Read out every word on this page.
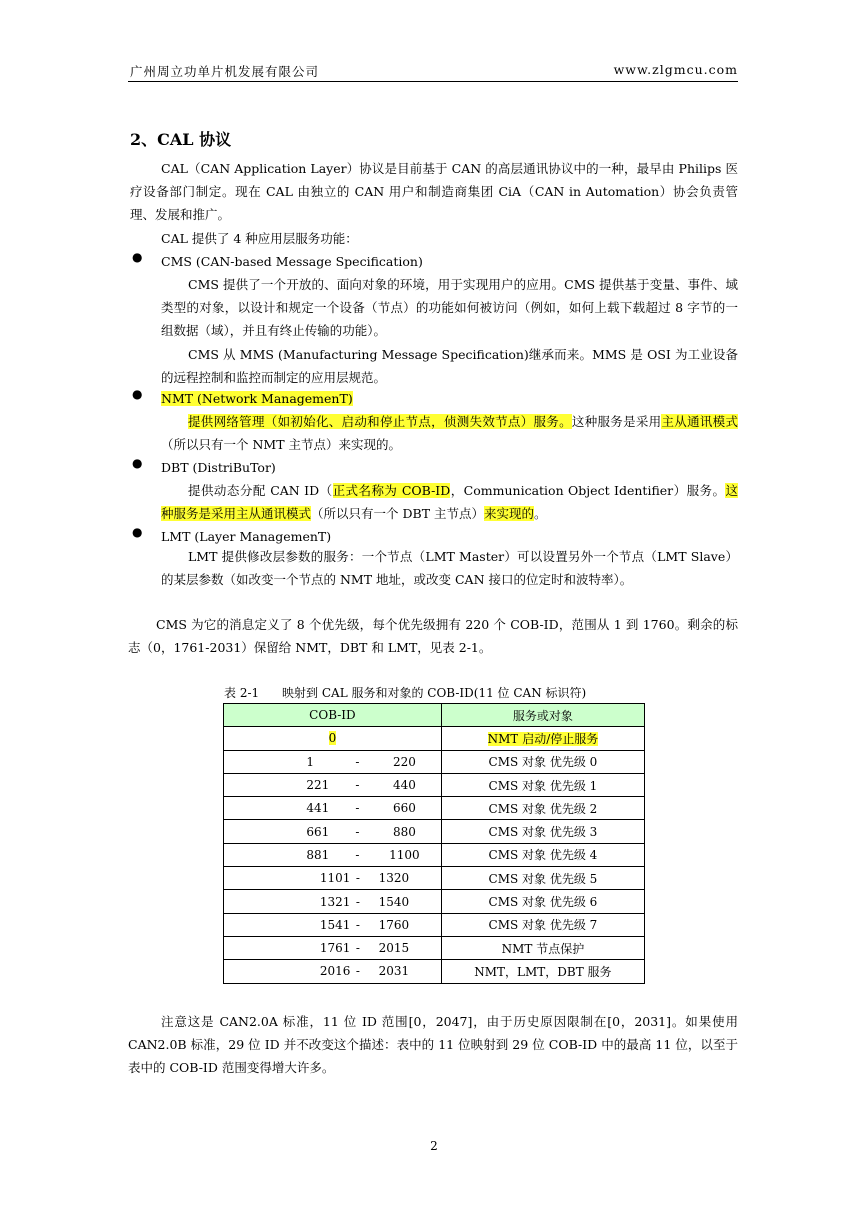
广州周立功单片机发展有限公司	www.zlgmcu.com
2、CAL 协议
CAL（CAN Application Layer）协议是目前基于 CAN 的高层通讯协议中的一种，最早由 Philips 医疗设备部门制定。现在 CAL 由独立的 CAN 用户和制造商集团 CiA（CAN in Automation）协会负责管理、发展和推广。
CAL 提供了 4 种应用层服务功能：
● CMS (CAN-based Message Specification)
CMS 提供了一个开放的、面向对象的环境，用于实现用户的应用。CMS 提供基于变量、事件、域类型的对象，以设计和规定一个设备（节点）的功能如何被访问（例如，如何上载下载超过 8 字节的一组数据（域），并且有终止传输的功能）。
CMS 从 MMS (Manufacturing Message Specification)继承而来。MMS 是 OSI 为工业设备的远程控制和监控而制定的应用层规范。
● NMT (Network ManagemenT)
提供网络管理（如初始化、启动和停止节点，侦测失效节点）服务。这种服务是采用主从通讯模式（所以只有一个 NMT 主节点）来实现的。
● DBT (DistriBuTor)
提供动态分配 CAN ID（正式名称为 COB-ID，Communication Object Identifier）服务。这种服务是采用主从通讯模式（所以只有一个 DBT 主节点）来实现的。
● LMT (Layer ManagemenT)
LMT 提供修改层参数的服务：一个节点（LMT Master）可以设置另外一个节点（LMT Slave）的某层参数（如改变一个节点的 NMT 地址，或改变 CAN 接口的位定时和波特率）。
CMS 为它的消息定义了 8 个优先级，每个优先级拥有 220 个 COB-ID，范围从 1 到 1760。剩余的标志（0，1761-2031）保留给 NMT，DBT 和 LMT，见表 2-1。
表 2-1      映射到 CAL 服务和对象的 COB-ID(11 位 CAN 标识符)
COB-ID	服务或对象
0	NMT 启动/停止服务
1 - 220	CMS 对象 优先级 0
221 - 440	CMS 对象 优先级 1
441 - 660	CMS 对象 优先级 2
661 - 880	CMS 对象 优先级 3
881 - 1100	CMS 对象 优先级 4
1101 - 1320	CMS 对象 优先级 5
1321 - 1540	CMS 对象 优先级 6
1541 - 1760	CMS 对象 优先级 7
1761 - 2015	NMT 节点保护
2016 - 2031	NMT，LMT，DBT 服务
注意这是 CAN2.0A 标准，11 位 ID 范围[0，2047]，由于历史原因限制在[0，2031]。如果使用 CAN2.0B 标准，29 位 ID 并不改变这个描述：表中的 11 位映射到 29 位 COB-ID 中的最高 11 位，以至于表中的 COB-ID 范围变得增大许多。
2
